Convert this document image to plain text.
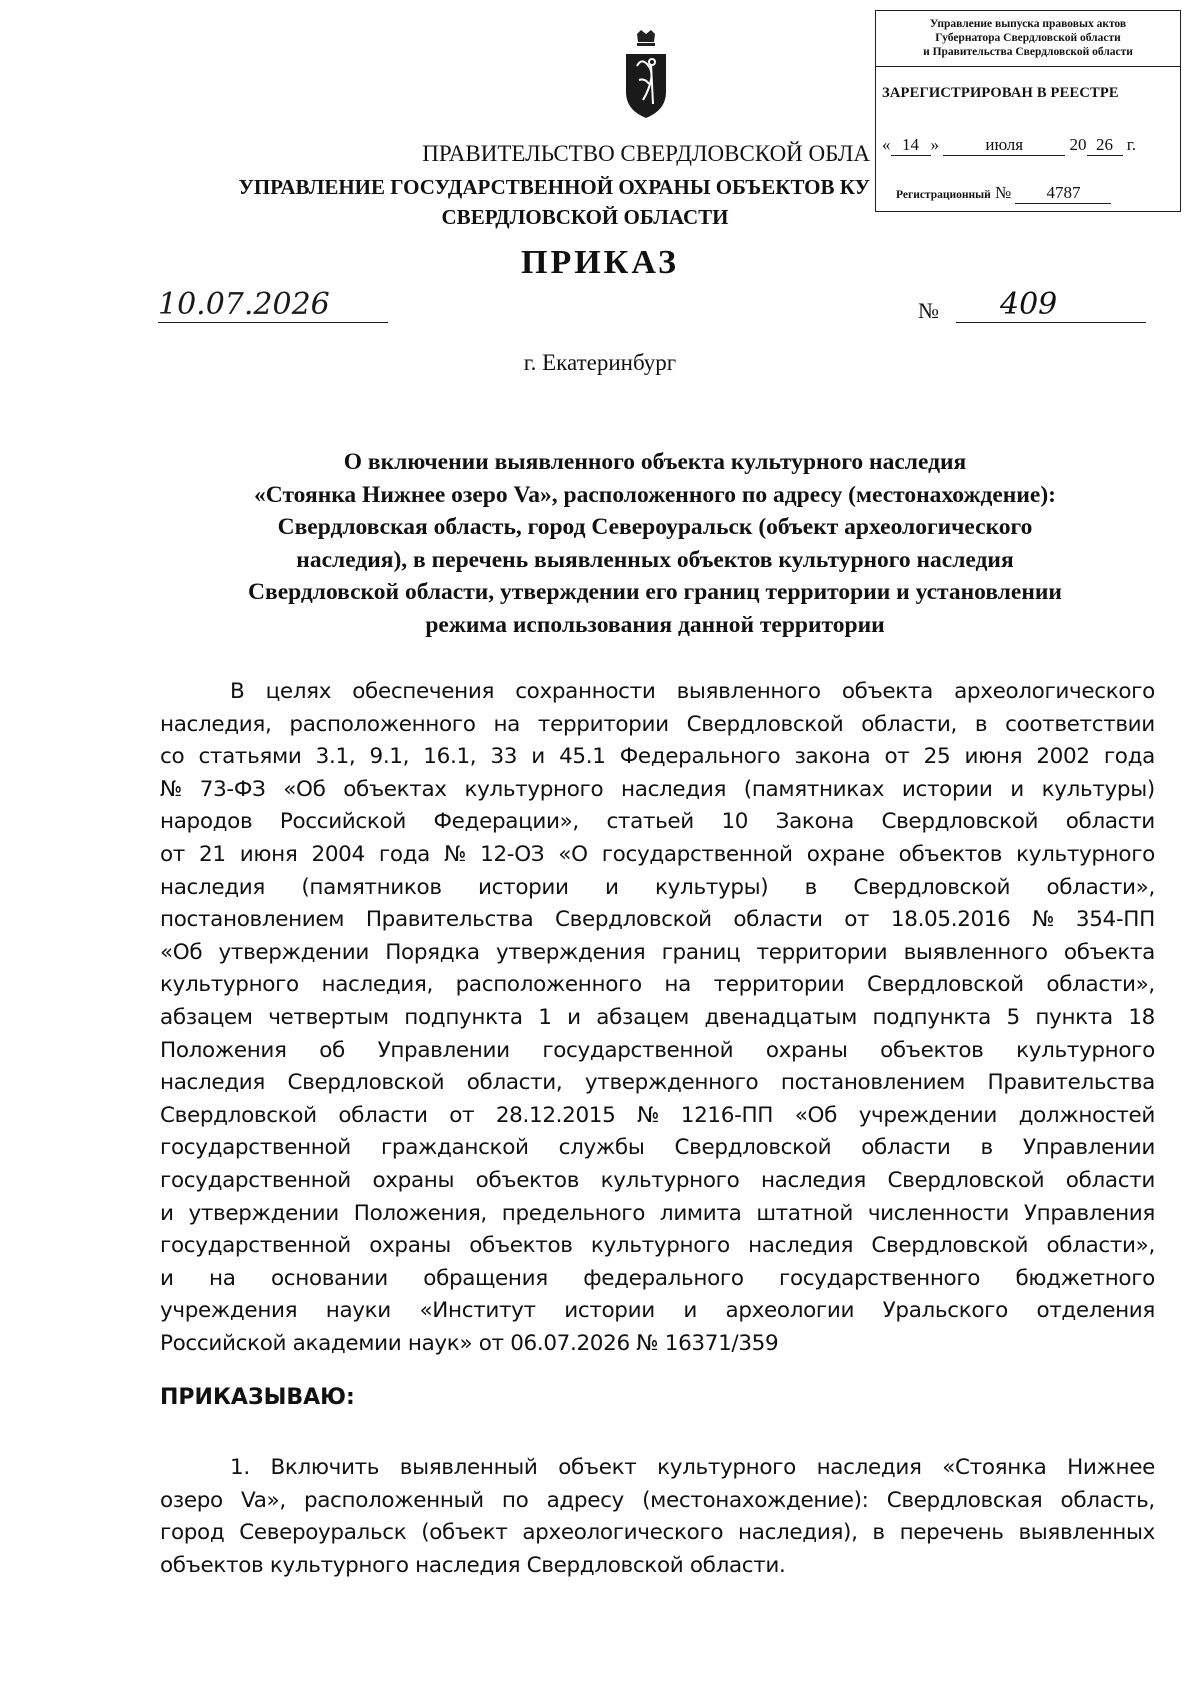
Управление выпуска правовых актов
Губернатора Свердловской области
и Правительства Свердловской области
ЗАРЕГИСТРИРОВАН В РЕЕСТРЕ
« 14 »	июля	20 26 г.
Регистрационный № 4787
ПРАВИТЕЛЬСТВО СВЕРДЛОВСКОЙ ОБЛА
УПРАВЛЕНИЕ ГОСУДАРСТВЕННОЙ ОХРАНЫ ОБЪЕКТОВ КУ
СВЕРДЛОВСКОЙ ОБЛАСТИ
ПРИКАЗ
10.07.2026	№	409
г. Екатеринбург
О включении выявленного объекта культурного наследия
«Стоянка Нижнее озеро Va», расположенного по адресу (местонахождение):
Свердловская область, город Североуральск (объект археологического
наследия), в перечень выявленных объектов культурного наследия
Свердловской области, утверждении его границ территории и установлении
режима использования данной территории
В целях обеспечения сохранности выявленного объекта археологического
наследия, расположенного на территории Свердловской области, в соответствии
со статьями 3.1, 9.1, 16.1, 33 и 45.1 Федерального закона от 25 июня 2002 года
№ 73-ФЗ «Об объектах культурного наследия (памятниках истории и культуры)
народов Российской Федерации», статьей 10 Закона Свердловской области
от 21 июня 2004 года № 12-ОЗ «О государственной охране объектов культурного
наследия (памятников истории и культуры) в Свердловской области»,
постановлением Правительства Свердловской области от 18.05.2016 № 354-ПП
«Об утверждении Порядка утверждения границ территории выявленного объекта
культурного наследия, расположенного на территории Свердловской области»,
абзацем четвертым подпункта 1 и абзацем двенадцатым подпункта 5 пункта 18
Положения об Управлении государственной охраны объектов культурного
наследия Свердловской области, утвержденного постановлением Правительства
Свердловской области от 28.12.2015 № 1216-ПП «Об учреждении должностей
государственной гражданской службы Свердловской области в Управлении
государственной охраны объектов культурного наследия Свердловской области
и утверждении Положения, предельного лимита штатной численности Управления
государственной охраны объектов культурного наследия Свердловской области»,
и на основании обращения федерального государственного бюджетного
учреждения науки «Институт истории и археологии Уральского отделения
Российской академии наук» от 06.07.2026 № 16371/359
ПРИКАЗЫВАЮ:
1. Включить выявленный объект культурного наследия «Стоянка Нижнее
озеро Va», расположенный по адресу (местонахождение): Свердловская область,
город Североуральск (объект археологического наследия), в перечень выявленных
объектов культурного наследия Свердловской области.
